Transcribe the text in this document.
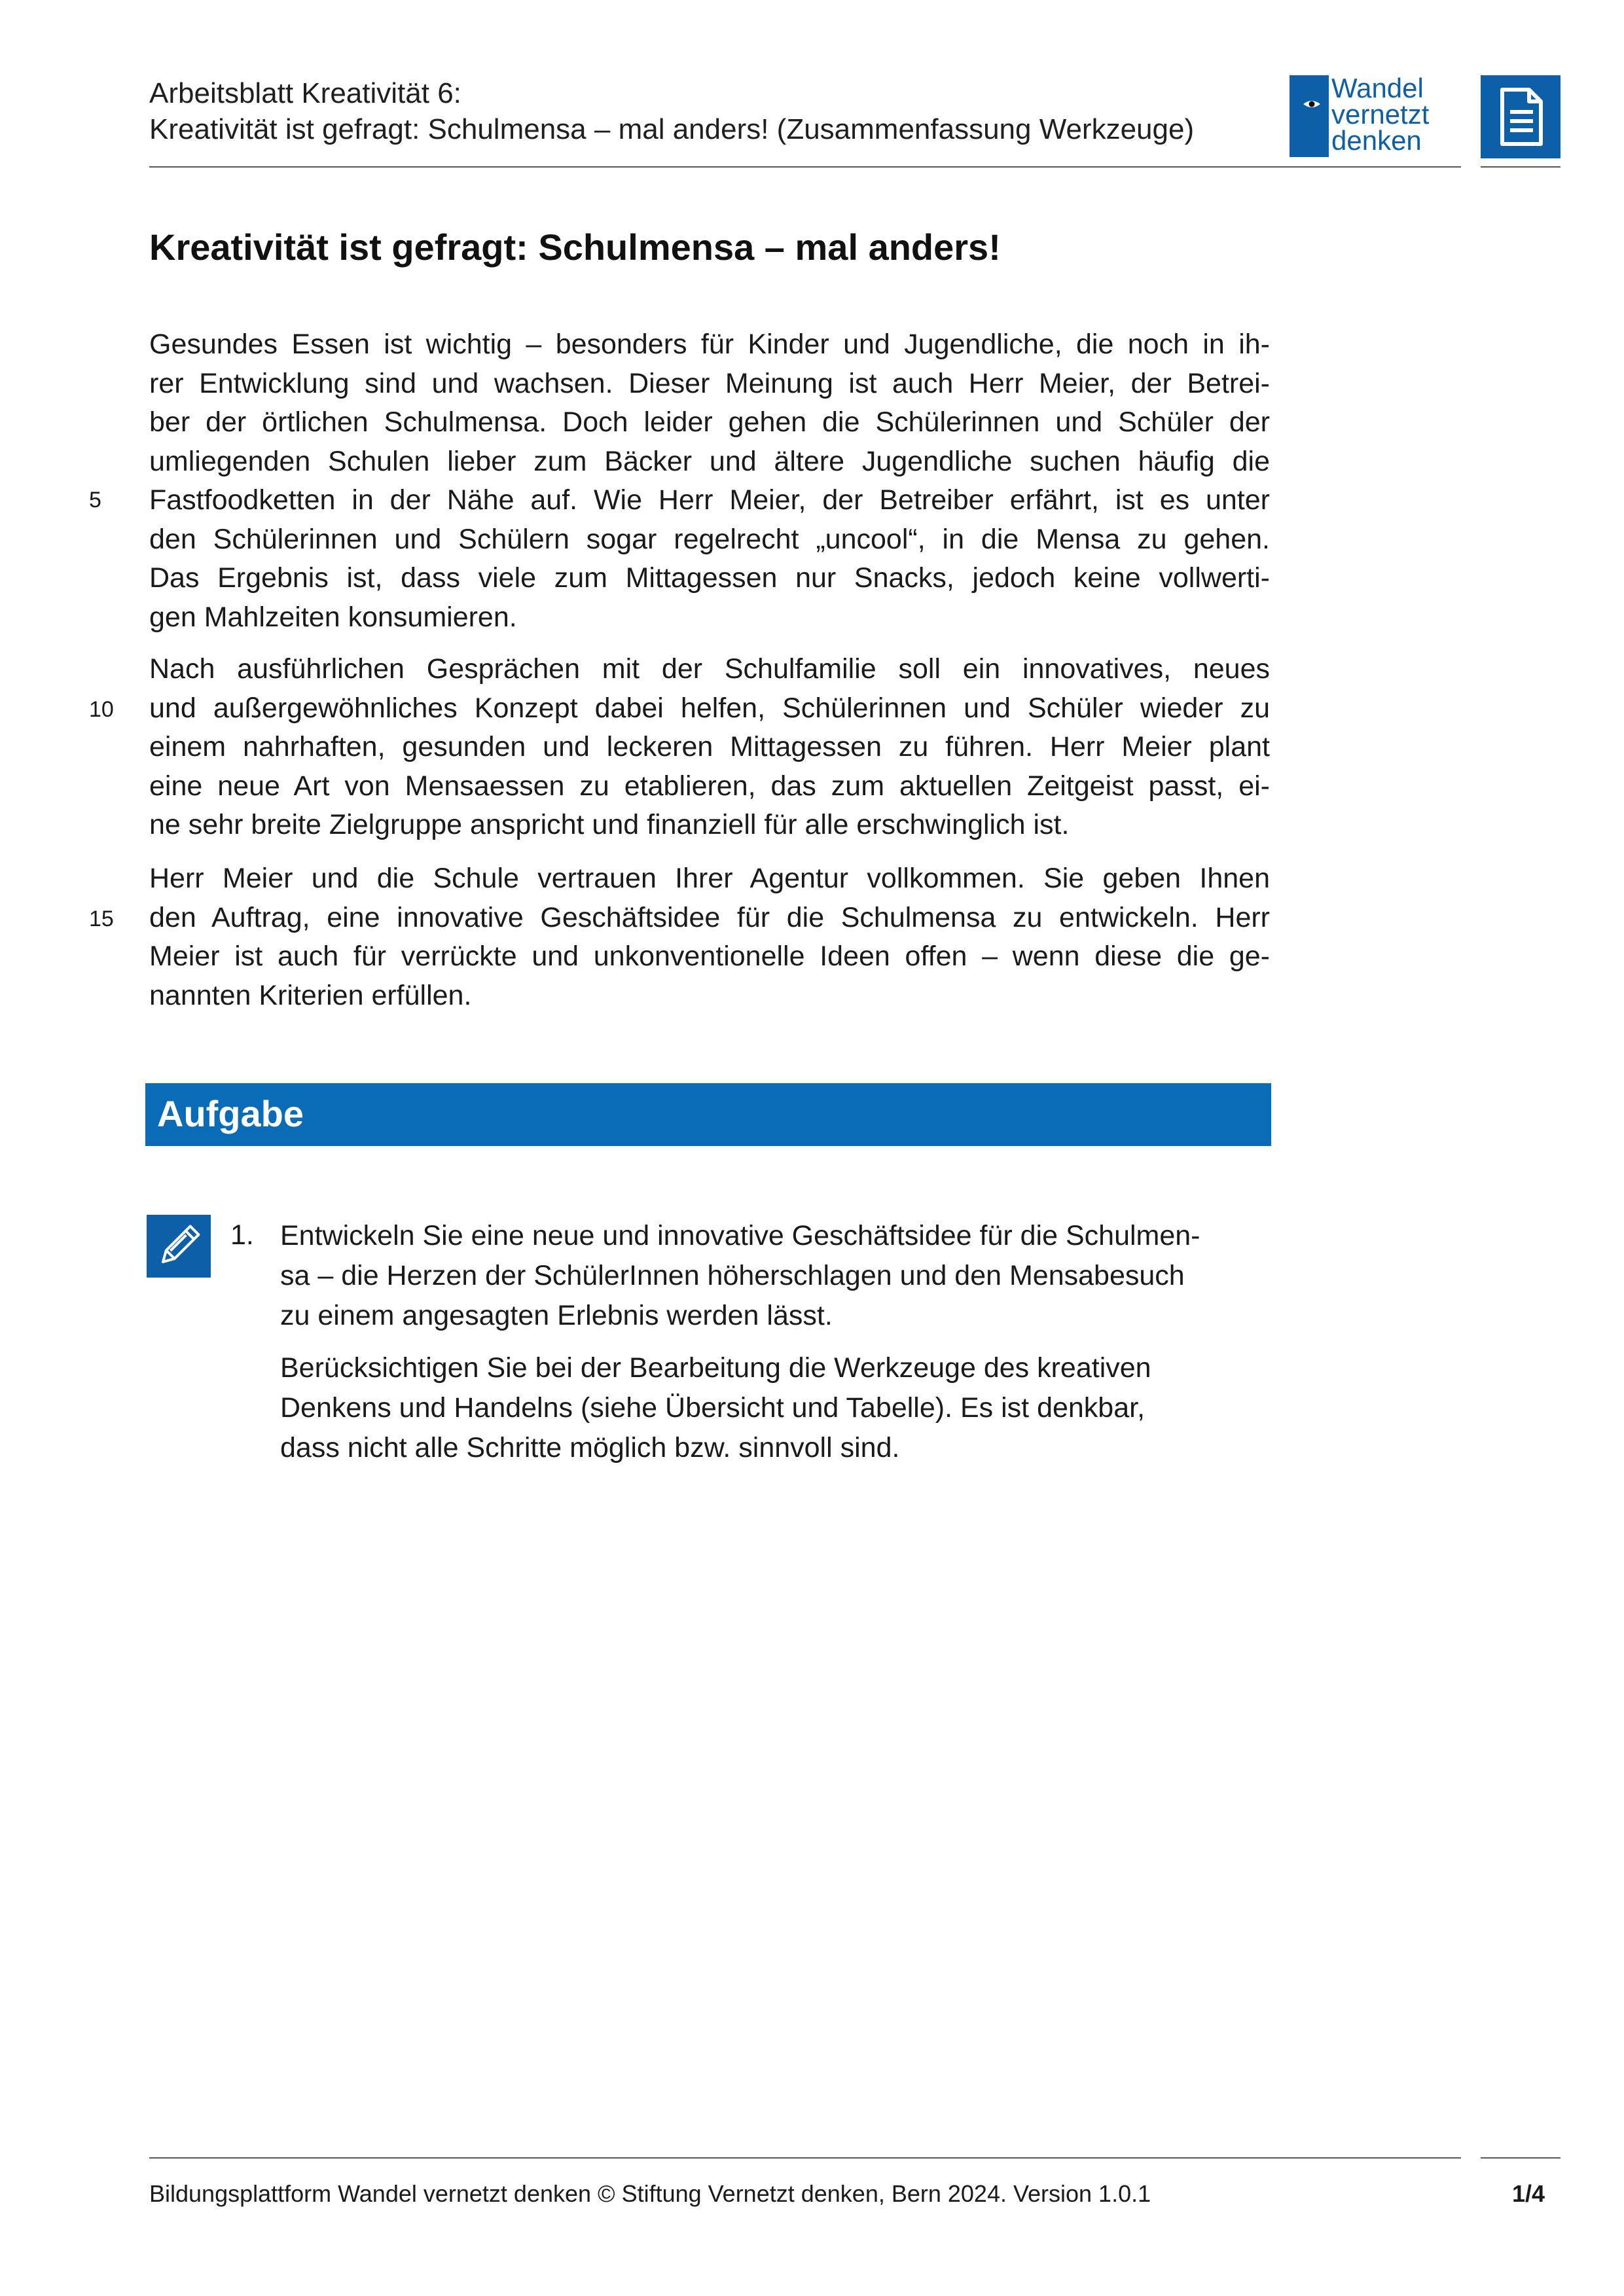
Arbeitsblatt Kreativität 6:
Kreativität ist gefragt: Schulmensa – mal anders! (Zusammenfassung Werkzeuge)
Wandel
vernetzt
denken
Kreativität ist gefragt: Schulmensa – mal anders!
Gesundes Essen ist wichtig – besonders für Kinder und Jugendliche, die noch in ih-
rer Entwicklung sind und wachsen. Dieser Meinung ist auch Herr Meier, der Betrei-
ber der örtlichen Schulmensa. Doch leider gehen die Schülerinnen und Schüler der
umliegenden Schulen lieber zum Bäcker und ältere Jugendliche suchen häufig die
Fastfoodketten in der Nähe auf. Wie Herr Meier, der Betreiber erfährt, ist es unter
den Schülerinnen und Schülern sogar regelrecht „uncool“, in die Mensa zu gehen.
Das Ergebnis ist, dass viele zum Mittagessen nur Snacks, jedoch keine vollwerti-
gen Mahlzeiten konsumieren.
Nach ausführlichen Gesprächen mit der Schulfamilie soll ein innovatives, neues
und außergewöhnliches Konzept dabei helfen, Schülerinnen und Schüler wieder zu
einem nahrhaften, gesunden und leckeren Mittagessen zu führen. Herr Meier plant
eine neue Art von Mensaessen zu etablieren, das zum aktuellen Zeitgeist passt, ei-
ne sehr breite Zielgruppe anspricht und finanziell für alle erschwinglich ist.
Herr Meier und die Schule vertrauen Ihrer Agentur vollkommen. Sie geben Ihnen
den Auftrag, eine innovative Geschäftsidee für die Schulmensa zu entwickeln. Herr
Meier ist auch für verrückte und unkonventionelle Ideen offen – wenn diese die ge-
nannten Kriterien erfüllen.
5
10
15
Aufgabe
1. Entwickeln Sie eine neue und innovative Geschäftsidee für die Schulmen-
sa – die Herzen der SchülerInnen höherschlagen und den Mensabesuch
zu einem angesagten Erlebnis werden lässt.
Berücksichtigen Sie bei der Bearbeitung die Werkzeuge des kreativen
Denkens und Handelns (siehe Übersicht und Tabelle). Es ist denkbar,
dass nicht alle Schritte möglich bzw. sinnvoll sind.
Bildungsplattform Wandel vernetzt denken © Stiftung Vernetzt denken, Bern 2024. Version 1.0.1	1/4
